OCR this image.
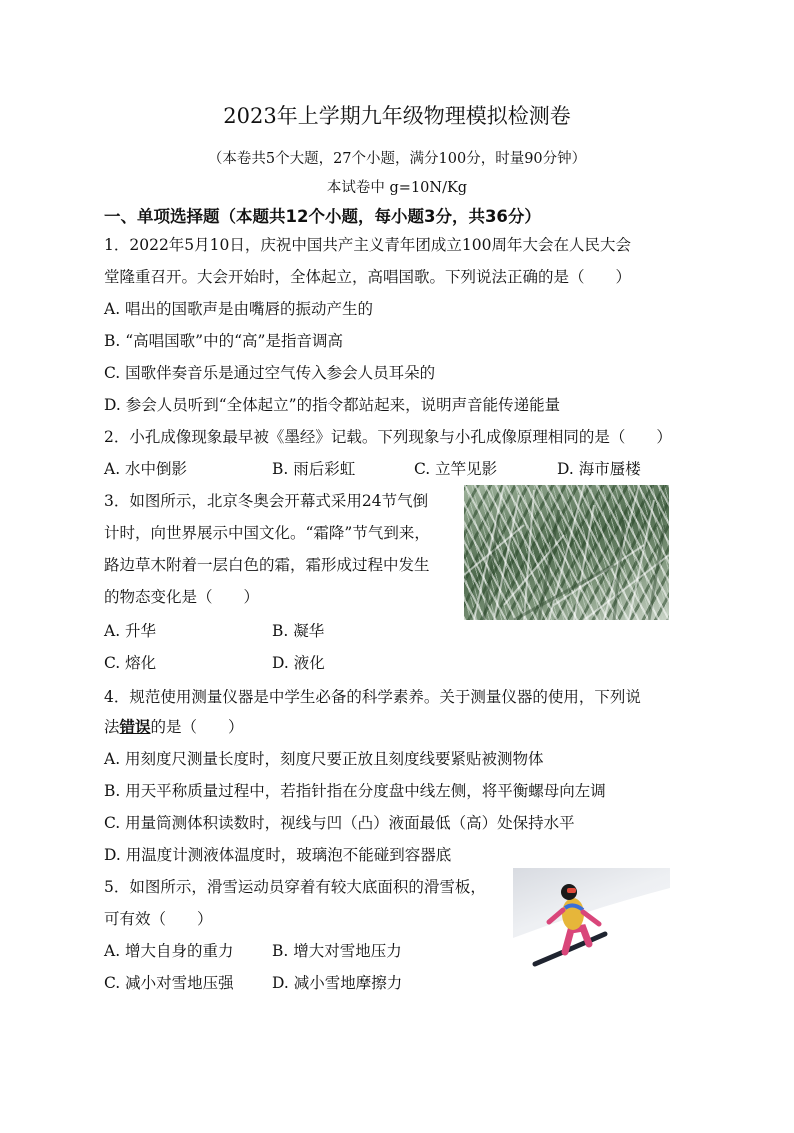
2023年上学期九年级物理模拟检测卷
（本卷共5个大题，27个小题，满分100分，时量90分钟）
本试卷中 g=10N/Kg
一、单项选择题（本题共12个小题，每小题3分，共36分）
1．2022年5月10日，庆祝中国共产主义青年团成立100周年大会在人民大会
堂隆重召开。大会开始时，全体起立，高唱国歌。下列说法正确的是（　　）
A. 唱出的国歌声是由嘴唇的振动产生的
B. “高唱国歌”中的“高”是指音调高
C. 国歌伴奏音乐是通过空气传入参会人员耳朵的
D. 参会人员听到“全体起立”的指令都站起来，说明声音能传递能量
2．小孔成像现象最早被《墨经》记载。下列现象与小孔成像原理相同的是（　　）
A. 水中倒影	B. 雨后彩虹	C. 立竿见影	D. 海市蜃楼
3．如图所示，北京冬奥会开幕式采用24节气倒
计时，向世界展示中国文化。“霜降”节气到来，
路边草木附着一层白色的霜，霜形成过程中发生
的物态变化是（　　）
A. 升华	B. 凝华
C. 熔化	D. 液化
4．规范使用测量仪器是中学生必备的科学素养。关于测量仪器的使用，下列说
法错误的是（　　）
A. 用刻度尺测量长度时，刻度尺要正放且刻度线要紧贴被测物体
B. 用天平称质量过程中，若指针指在分度盘中线左侧，将平衡螺母向左调
C. 用量筒测体积读数时，视线与凹（凸）液面最低（高）处保持水平
D. 用温度计测液体温度时，玻璃泡不能碰到容器底
5．如图所示，滑雪运动员穿着有较大底面积的滑雪板，
可有效（　　）
A. 增大自身的重力 B. 增大对雪地压力
C. 减小对雪地压强 D. 减小雪地摩擦力
